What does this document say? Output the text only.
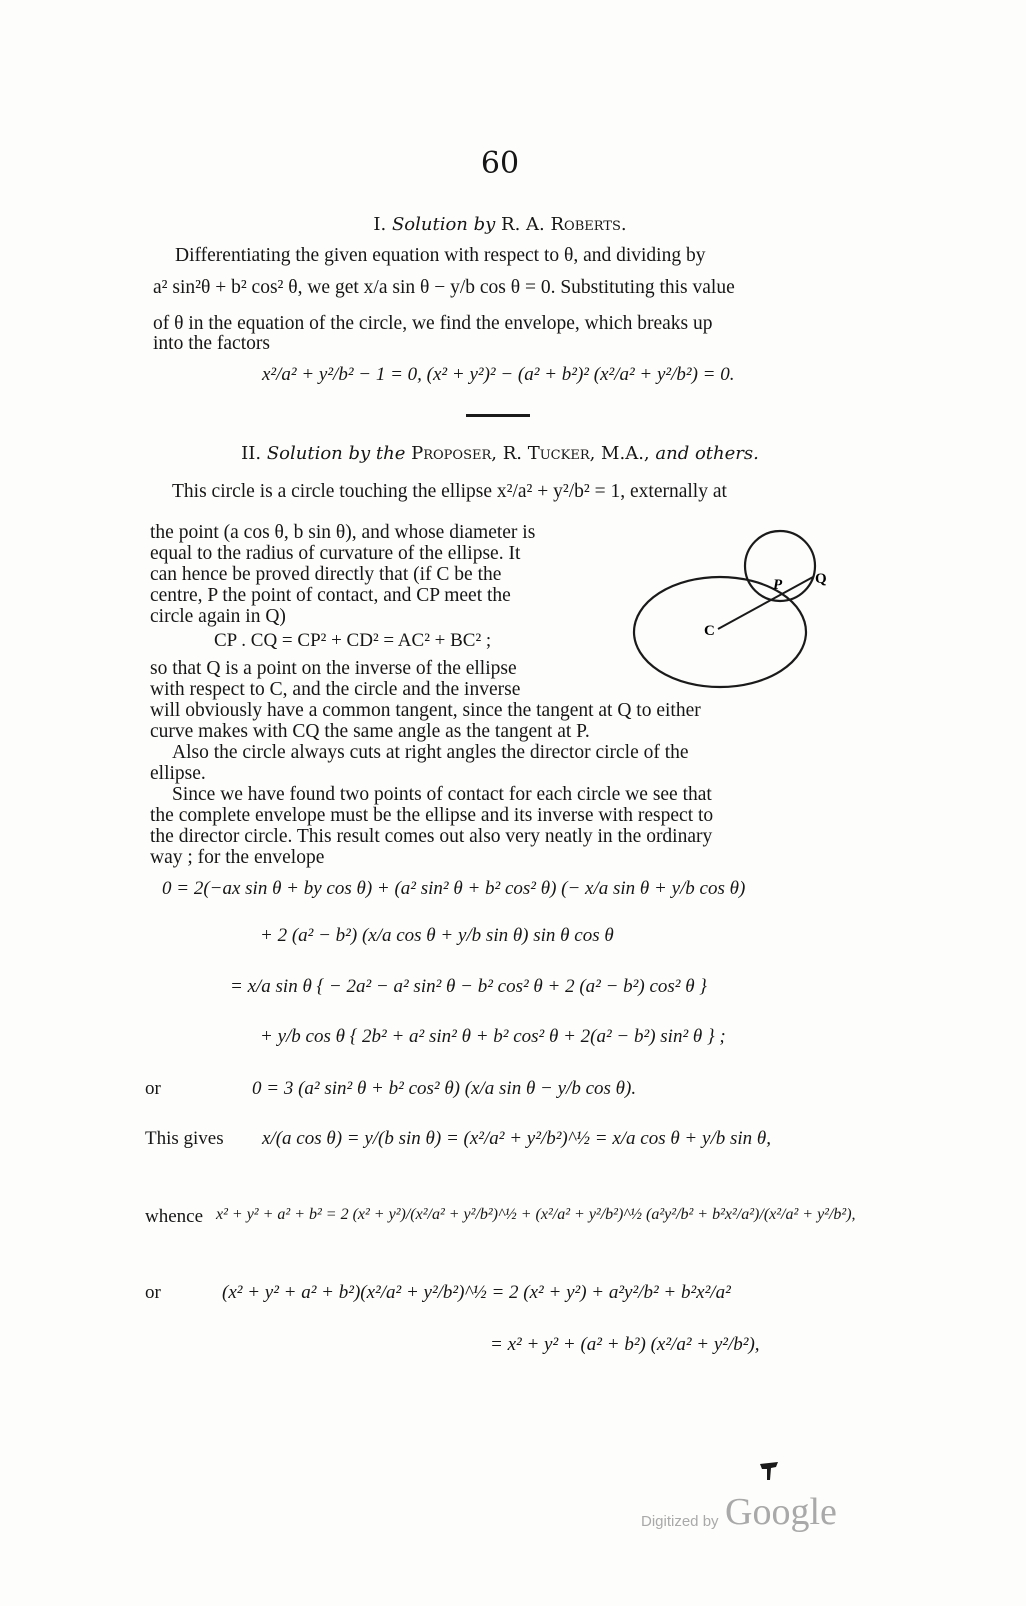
60
I. Solution by R. A. Roberts.
Differentiating the given equation with respect to θ, and dividing by
a² sin²θ + b² cos² θ, we get x/a sin θ − y/b cos θ = 0. Substituting this value
of θ in the equation of the circle, we find the envelope, which breaks up
into the factors
x²/a² + y²/b² − 1 = 0, (x² + y²)² − (a² + b²)² (x²/a² + y²/b²) = 0.
II. Solution by the Proposer, R. Tucker, M.A., and others.
This circle is a circle touching the ellipse x²/a² + y²/b² = 1, externally at
the point (a cos θ, b sin θ), and whose diameter is
equal to the radius of curvature of the ellipse. It
can hence be proved directly that (if C be the
centre, P the point of contact, and CP meet the
circle again in Q)
CP . CQ = CP² + CD² = AC² + BC² ;
so that Q is a point on the inverse of the ellipse
with respect to C, and the circle and the inverse
C
P Q
will obviously have a common tangent, since the tangent at Q to either
curve makes with CQ the same angle as the tangent at P.
Also the circle always cuts at right angles the director circle of the
ellipse.
Since we have found two points of contact for each circle we see that
the complete envelope must be the ellipse and its inverse with respect to
the director circle. This result comes out also very neatly in the ordinary
way ; for the envelope
0 = 2(−ax sin θ + by cos θ) + (a² sin² θ + b² cos² θ) (− x/a sin θ + y/b cos θ)
+ 2 (a² − b²) (x/a cos θ + y/b sin θ) sin θ cos θ
= x/a sin θ { − 2a² − a² sin² θ − b² cos² θ + 2 (a² − b²) cos² θ }
+ y/b cos θ { 2b² + a² sin² θ + b² cos² θ + 2(a² − b²) sin² θ } ;
or	0 = 3 (a² sin² θ + b² cos² θ) (x/a sin θ − y/b cos θ).
This gives x/(a cos θ) = y/(b sin θ) = (x²/a² + y²/b²)^½ = x/a cos θ + y/b sin θ,
whence x² + y² + a² + b² = 2 (x² + y²)/(x²/a² + y²/b²)^½ + (x²/a² + y²/b²)^½ (a²y²/b² + b²x²/a²)/(x²/a² + y²/b²),
or	(x² + y² + a² + b²)(x²/a² + y²/b²)^½ = 2 (x² + y²) + a²y²/b² + b²x²/a²
= x² + y² + (a² + b²) (x²/a² + y²/b²),
Digitized by Google
